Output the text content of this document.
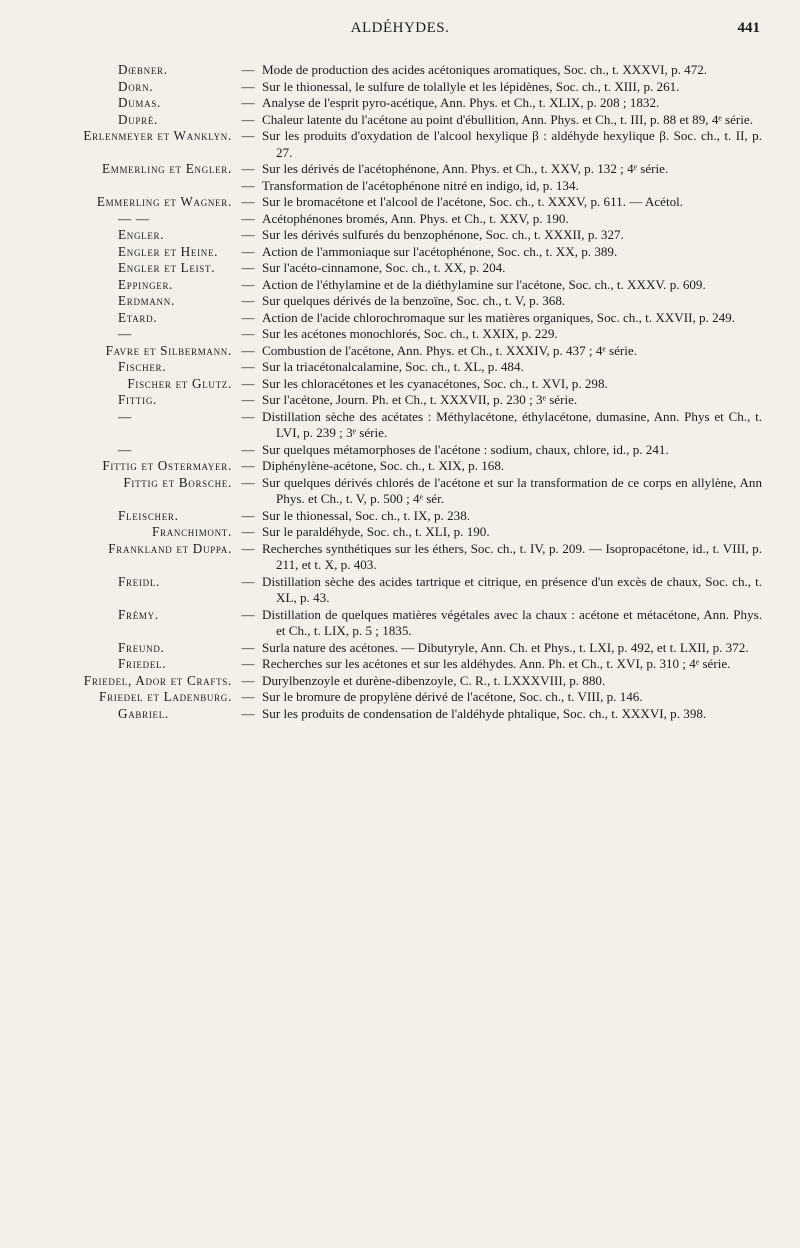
ALDÉHYDES.	441
Dœbner.	— Mode de production des acides acétoniques aromatiques, Soc. ch., t. XXXVI, p. 472.
Dorn.	— Sur le thionessal, le sulfure de tolallyle et les lépidènes, Soc. ch., t. XIII, p. 261.
Dumas.	— Analyse de l'esprit pyro-acétique, Ann. Phys. et Ch., t. XLIX, p. 208 ; 1832.
Dupré.	— Chaleur latente du l'acétone au point d'ébullition, Ann. Phys. et Ch., t. III, p. 88 et 89, 4ᵉ série.
Erlenmeyer et Wanklyn. — Sur les produits d'oxydation de l'alcool hexylique β : aldéhyde hexylique β. Soc. ch., t. II, p. 27.
Emmerling et Engler. — Sur les dérivés de l'acétophénone, Ann. Phys. et Ch., t. XXV, p. 132 ; 4ᵉ série.
— Transformation de l'acétophénone nitré en indigo, id, p. 134.
Emmerling et Wagner. — Sur le bromacétone et l'alcool de l'acétone, Soc. ch., t. XXXV, p. 611. — Acétol.
— —	— Acétophénones bromés, Ann. Phys. et Ch., t. XXV, p. 190.
Engler.	— Sur les dérivés sulfurés du benzophénone, Soc. ch., t. XXXII, p. 327.
Engler et Heine. — Action de l'ammoniaque sur l'acétophénone, Soc. ch., t. XX, p. 389.
Engler et Leist. — Sur l'acéto-cinnamone, Soc. ch., t. XX, p. 204.
Eppinger.	— Action de l'éthylamine et de la diéthylamine sur l'acétone, Soc. ch., t. XXXV. p. 609.
Erdmann.	— Sur quelques dérivés de la benzoïne, Soc. ch., t. V, p. 368.
Etard.	— Action de l'acide chlorochromaque sur les matières organiques, Soc. ch., t. XXVII, p. 249.
—	— Sur les acétones monochlorés, Soc. ch., t. XXIX, p. 229.
Favre et Silbermann. — Combustion de l'acétone, Ann. Phys. et Ch., t. XXXIV, p. 437 ; 4ᵉ série.
Fischer.	— Sur la triacétonalcalamine, Soc. ch., t. XL, p. 484.
Fischer et Glutz. — Sur les chloracétones et les cyanacétones, Soc. ch., t. XVI, p. 298.
Fittig.	— Sur l'acétone, Journ. Ph. et Ch., t. XXXVII, p. 230 ; 3ᵉ série.
—	— Distillation sèche des acétates : Méthylacétone, éthylacétone, dumasine, Ann. Phys et Ch., t. LVI, p. 239 ; 3ᵉ série.
—	— Sur quelques métamorphoses de l'acétone : sodium, chaux, chlore, id., p. 241.
Fittig et Ostermayer. — Diphénylène-acétone, Soc. ch., t. XIX, p. 168.
Fittig et Borsche. — Sur quelques dérivés chlorés de l'acétone et sur la transformation de ce corps en allylène, Ann Phys. et Ch., t. V, p. 500 ; 4ᵉ sér.
Fleischer.	— Sur le thionessal, Soc. ch., t. IX, p. 238.
Franchimont. — Sur le paraldéhyde, Soc. ch., t. XLI, p. 190.
Frankland et Duppa. — Recherches synthétiques sur les éthers, Soc. ch., t. IV, p. 209. — Isopropacétone, id., t. VIII, p. 211, et t. X, p. 403.
Freidl.	— Distillation sèche des acides tartrique et citrique, en présence d'un excès de chaux, Soc. ch., t. XL, p. 43.
Frémy.	— Distillation de quelques matières végétales avec la chaux : acétone et métacétone, Ann. Phys. et Ch., t. LIX, p. 5 ; 1835.
Freund.	— Surla nature des acétones. — Dibutyryle, Ann. Ch. et Phys., t. LXI, p. 492, et t. LXII, p. 372.
Friedel.	— Recherches sur les acétones et sur les aldéhydes. Ann. Ph. et Ch., t. XVI, p. 310 ; 4ᵉ série.
Friedel, Ador et Crafts. — Durylbenzoyle et durène-dibenzoyle, C. R., t. LXXXVIII, p. 880.
Friedel et Ladenburg. — Sur le bromure de propylène dérivé de l'acétone, Soc. ch., t. VIII, p. 146.
Gabriel.	— Sur les produits de condensation de l'aldéhyde phtalique, Soc. ch., t. XXXVI, p. 398.
